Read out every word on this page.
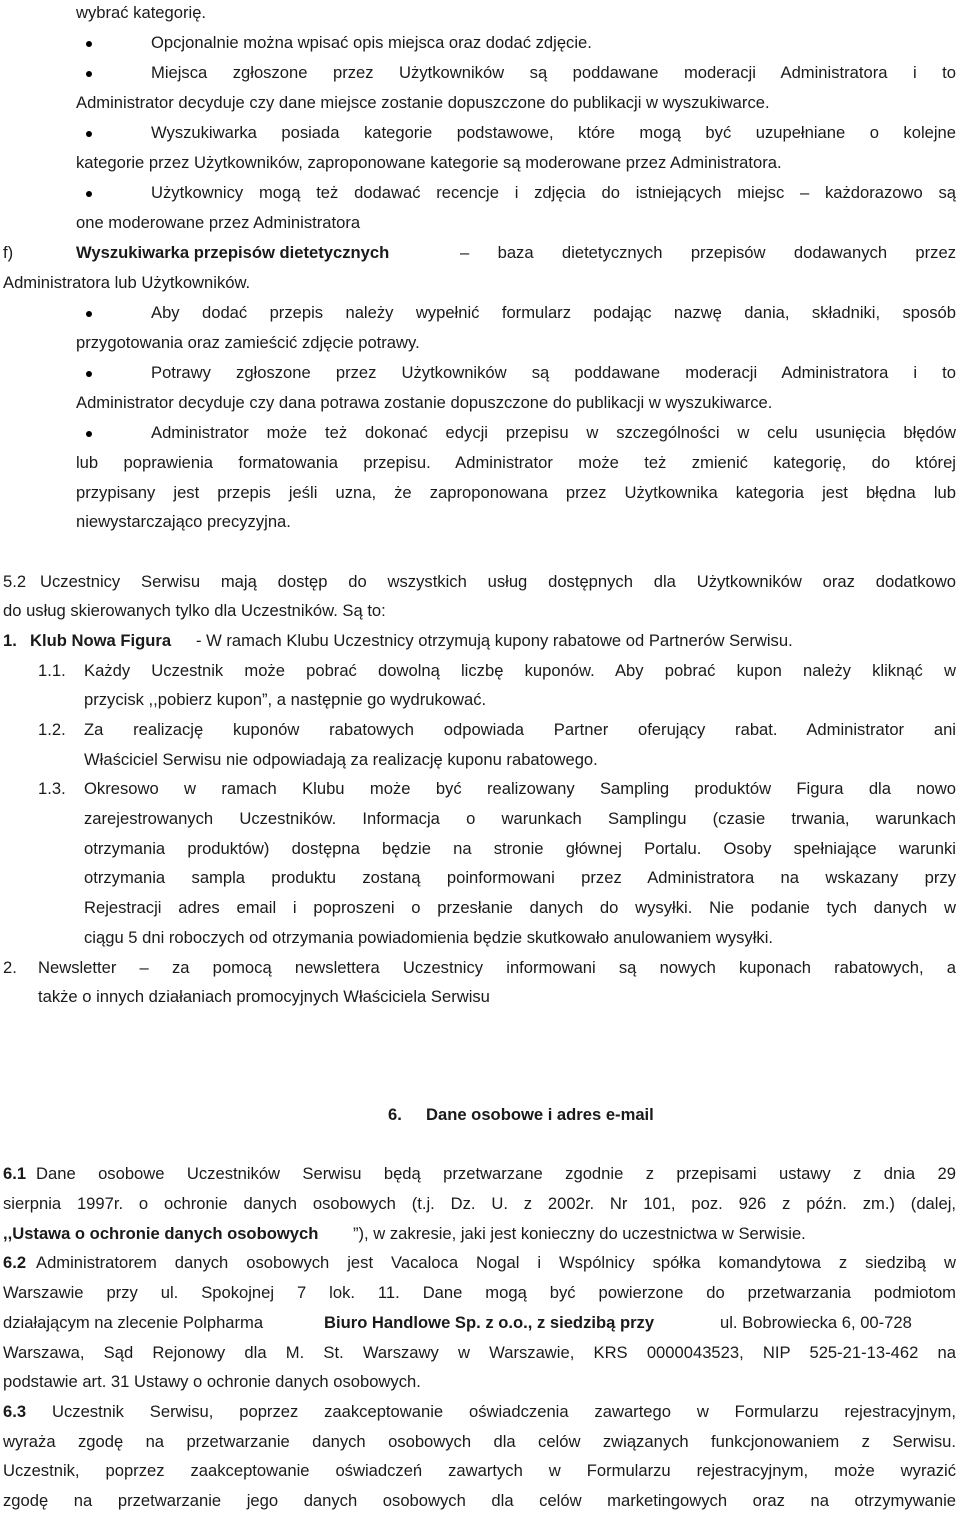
wybrać kategorię.
Opcjonalnie można wpisać opis miejsca oraz dodać zdjęcie.
Miejsca zgłoszone przez Użytkowników są poddawane moderacji Administratora i to
Administrator decyduje czy dane miejsce zostanie dopuszczone do publikacji w wyszukiwarce.
Wyszukiwarka posiada kategorie podstawowe, które mogą być uzupełniane o kolejne
kategorie przez Użytkowników, zaproponowane kategorie są moderowane przez Administratora.
Użytkownicy mogą też dodawać recencje i zdjęcia do istniejących miejsc – każdorazowo są
one moderowane przez Administratora
f)	Wyszukiwarka przepisów dietetycznych	– baza dietetycznych przepisów dodawanych przez
Administratora lub Użytkowników.
Aby dodać przepis należy wypełnić formularz podając nazwę dania, składniki, sposób
przygotowania oraz zamieścić zdjęcie potrawy.
Potrawy zgłoszone przez Użytkowników są poddawane moderacji Administratora i to
Administrator decyduje czy dana potrawa zostanie dopuszczone do publikacji w wyszukiwarce.
Administrator może też dokonać edycji przepisu w szczególności w celu usunięcia błędów
lub poprawienia formatowania przepisu. Administrator może też zmienić kategorię, do której
przypisany jest przepis jeśli uzna, że zaproponowana przez Użytkownika kategoria jest błędna lub
niewystarczająco precyzyjna.
5.2 Uczestnicy Serwisu mają dostęp do wszystkich usług dostępnych dla Użytkowników oraz dodatkowo
do usług skierowanych tylko dla Uczestników. Są to:
1. Klub Nowa Figura - W ramach Klubu Uczestnicy otrzymują kupony rabatowe od Partnerów Serwisu.
1.1. Każdy Uczestnik może pobrać dowolną liczbę kuponów. Aby pobrać kupon należy kliknąć w
przycisk ,,pobierz kupon”, a następnie go wydrukować.
1.2. Za realizację kuponów rabatowych odpowiada Partner oferujący rabat. Administrator ani
Właściciel Serwisu nie odpowiadają za realizację kuponu rabatowego.
1.3. Okresowo w ramach Klubu może być realizowany Sampling produktów Figura dla nowo
zarejestrowanych Uczestników. Informacja o warunkach Samplingu (czasie trwania, warunkach
otrzymania produktów) dostępna będzie na stronie głównej Portalu. Osoby spełniające warunki
otrzymania sampla produktu zostaną poinformowani przez Administratora na wskazany przy
Rejestracji adres email i poproszeni o przesłanie danych do wysyłki. Nie podanie tych danych w
ciągu 5 dni roboczych od otrzymania powiadomienia będzie skutkowało anulowaniem wysyłki.
2. Newsletter – za pomocą newslettera Uczestnicy informowani są nowych kuponach rabatowych, a
także o innych działaniach promocyjnych Właściciela Serwisu
6. Dane osobowe i adres e-mail
6.1 Dane osobowe Uczestników Serwisu będą przetwarzane zgodnie z przepisami ustawy z dnia 29
sierpnia 1997r. o ochronie danych osobowych (t.j. Dz. U. z 2002r. Nr 101, poz. 926 z późn. zm.) (dalej,
,,Ustawa o ochronie danych osobowych ”), w zakresie, jaki jest konieczny do uczestnictwa w Serwisie.
6.2 Administratorem danych osobowych jest Vacaloca Nogal i Wspólnicy spółka komandytowa z siedzibą w
Warszawie przy ul. Spokojnej 7 lok. 11. Dane mogą być powierzone do przetwarzania podmiotom
działającym na zlecenie Polpharma	Biuro Handlowe Sp. z o.o., z siedzibą przy	ul. Bobrowiecka 6, 00-728
Warszawa, Sąd Rejonowy dla M. St. Warszawy w Warszawie, KRS 0000043523, NIP 525-21-13-462 na
podstawie art. 31 Ustawy o ochronie danych osobowych.
6.3 Uczestnik Serwisu, poprzez zaakceptowanie oświadczenia zawartego w Formularzu rejestracyjnym,
wyraża zgodę na przetwarzanie danych osobowych dla celów związanych funkcjonowaniem z Serwisu.
Uczestnik, poprzez zaakceptowanie oświadczeń zawartych w Formularzu rejestracyjnym, może wyrazić
zgodę na przetwarzanie jego danych osobowych dla celów marketingowych oraz na otrzymywanie
